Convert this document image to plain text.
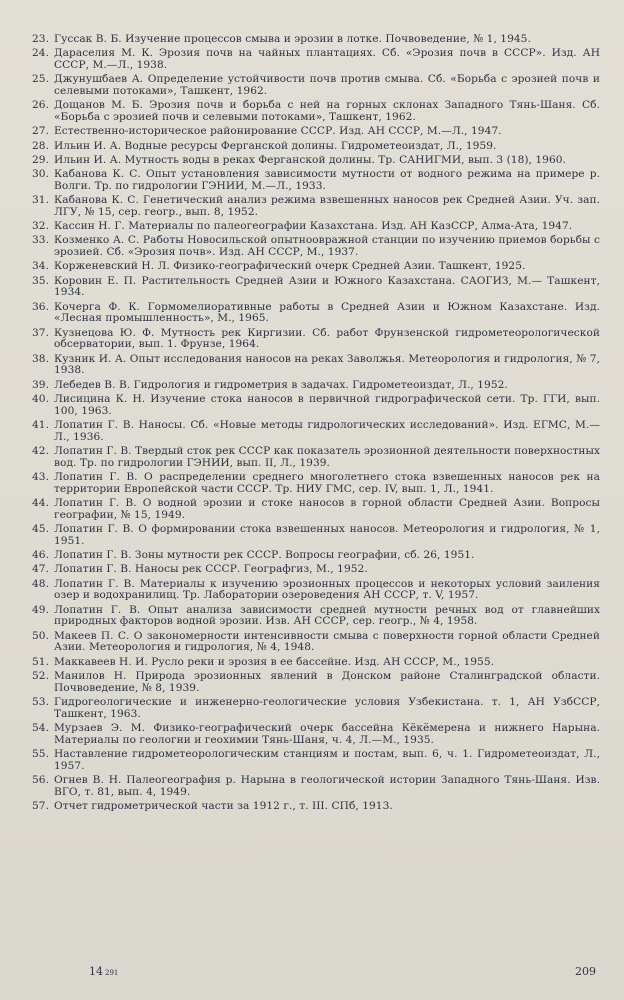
23. Гуссак В. Б. Изучение процессов смыва и эрозии в лотке. Почвоведение, № 1, 1945.
24. Дараселия М. К. Эрозия почв на чайных плантациях. Сб. «Эрозия почв в СССР». Изд. АН СССР, М.—Л., 1938.
25. Джунушбаев А. Определение устойчивости почв против смыва. Сб. «Борьба с эрозией почв и селевыми потоками», Ташкент, 1962.
26. Дощанов М. Б. Эрозия почв и борьба с ней на горных склонах Западного Тянь-Шаня. Сб. «Борьба с эрозией почв и селевыми потоками», Ташкент, 1962.
27. Естественно-историческое районирование СССР. Изд. АН СССР, М.—Л., 1947.
28. Ильин И. А. Водные ресурсы Ферганской долины. Гидрометеоиздат, Л., 1959.
29. Ильин И. А. Мутность воды в реках Ферганской долины. Тр. САНИГМИ, вып. 3 (18), 1960.
30. Кабанова К. С. Опыт установления зависимости мутности от водного режима на примере р. Волги. Тр. по гидрологии ГЭНИИ, М.—Л., 1933.
31. Кабанова К. С. Генетический анализ режима взвешенных наносов рек Средней Азии. Уч. зап. ЛГУ, № 15, сер. геогр., вып. 8, 1952.
32. Кассин Н. Г. Материалы по палеогеографии Казахстана. Изд. АН КазССР, Алма-Ата, 1947.
33. Козменко А. С. Работы Новосильской опытноовражной станции по изучению приемов борьбы с эрозией. Сб. «Эрозия почв». Изд. АН СССР, М., 1937.
34. Корженевский Н. Л. Физико-географический очерк Средней Азии. Ташкент, 1925.
35. Коровин Е. П. Растительность Средней Азии и Южного Казахстана. САОГИЗ, М.— Ташкент, 1934.
36. Кочерга Ф. К. Гормомелиоративные работы в Средней Азии и Южном Казахстане. Изд. «Лесная промышленность», М., 1965.
37. Кузнецова Ю. Ф. Мутность рек Киргизии. Сб. работ Фрунзенской гидрометеорологической обсерватории, вып. 1. Фрунзе, 1964.
38. Кузник И. А. Опыт исследования наносов на реках Заволжья. Метеорология и гидрология, № 7, 1938.
39. Лебедев В. В. Гидрология и гидрометрия в задачах. Гидрометеоиздат, Л., 1952.
40. Лисицина К. Н. Изучение стока наносов в первичной гидрографической сети. Тр. ГГИ, вып. 100, 1963.
41. Лопатин Г. В. Наносы. Сб. «Новые методы гидрологических исследований». Изд. ЕГМС, М.—Л., 1936.
42. Лопатин Г. В. Твердый сток рек СССР как показатель эрозионной деятельности поверхностных вод. Тр. по гидрологии ГЭНИИ, вып. II, Л., 1939.
43. Лопатин Г. В. О распределении среднего многолетнего стока взвешенных наносов рек на территории Европейской части СССР. Тр. НИУ ГМС, сер. IV, вып. 1, Л., 1941.
44. Лопатин Г. В. О водной эрозии и стоке наносов в горной области Средней Азии. Вопросы географии, № 15, 1949.
45. Лопатин Г. В. О формировании стока взвешенных наносов. Метеорология и гидрология, № 1, 1951.
46. Лопатин Г. В. Зоны мутности рек СССР. Вопросы географии, сб. 26, 1951.
47. Лопатин Г. В. Наносы рек СССР. Географгиз, М., 1952.
48. Лопатин Г. В. Материалы к изучению эрозионных процессов и некоторых условий заиления озер и водохранилищ. Тр. Лаборатории озероведения АН СССР, т. V, 1957.
49. Лопатин Г. В. Опыт анализа зависимости средней мутности речных вод от главнейших природных факторов водной эрозии. Изв. АН СССР, сер. геогр., № 4, 1958.
50. Макеев П. С. О закономерности интенсивности смыва с поверхности горной области Средней Азии. Метеорология и гидрология, № 4, 1948.
51. Маккавеев Н. И. Русло реки и эрозия в ее бассейне. Изд. АН СССР, М., 1955.
52. Манилов Н. Природа эрозионных явлений в Донском районе Сталинградской области. Почвоведение, № 8, 1939.
53. Гидрогеологические и инженерно-геологические условия Узбекистана. т. 1, АН УзбССР, Ташкент, 1963.
54. Мурзаев Э. М. Физико-географический очерк бассейна Кёкёмерена и нижнего Нарына. Материалы по геологии и геохимии Тянь-Шаня, ч. 4, Л.—М., 1935.
55. Наставление гидрометеорологическим станциям и постам, вып. 6, ч. 1. Гидрометеоиздат, Л., 1957.
56. Огнев В. Н. Палеогеография р. Нарына в геологической истории Западного Тянь-Шаня. Изв. ВГО, т. 81, вып. 4, 1949.
57. Отчет гидрометрической части за 1912 г., т. III. СПб, 1913.
14 291	209
